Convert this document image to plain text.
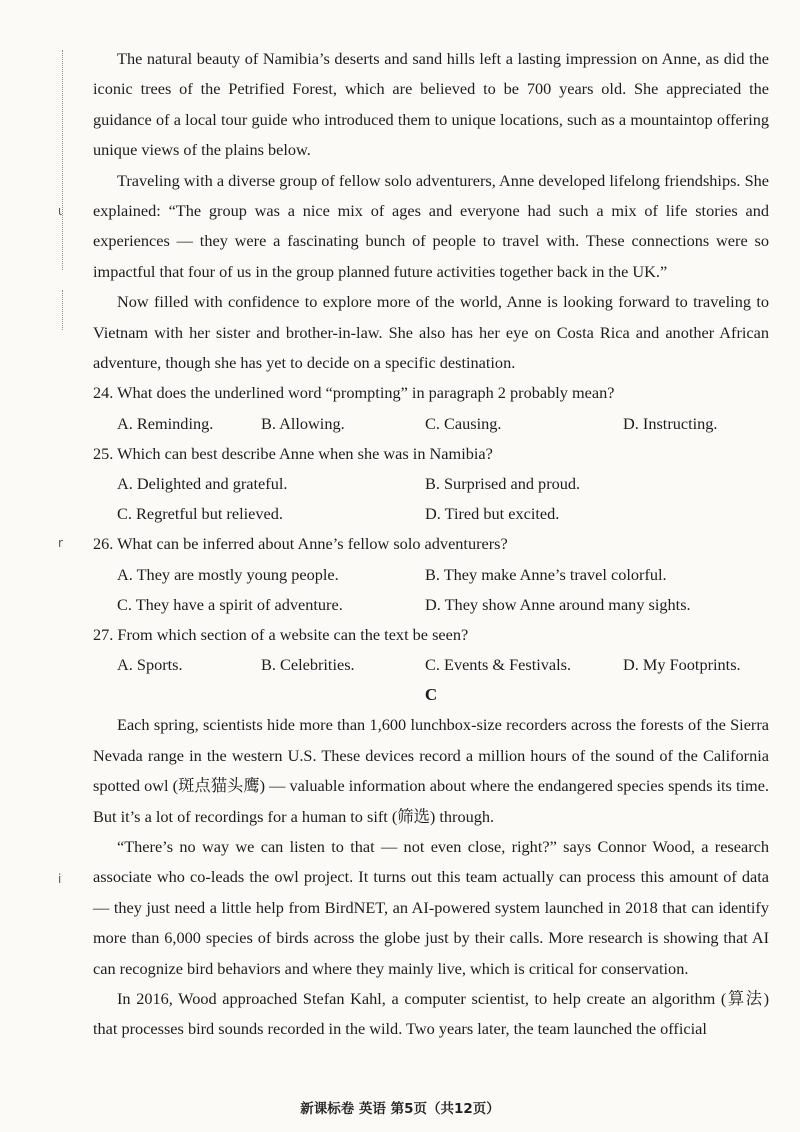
ι
r
i

The natural beauty of Namibia’s deserts and sand hills left a lasting impression on Anne, as did the iconic trees of the Petrified Forest, which are believed to be 700 years old. She appreciated the guidance of a local tour guide who introduced them to unique locations, such as a mountaintop offering unique views of the plains below.

Traveling with a diverse group of fellow solo adventurers, Anne developed lifelong friendships. She explained: “The group was a nice mix of ages and everyone had such a mix of life stories and experiences — they were a fascinating bunch of people to travel with. These connections were so impactful that four of us in the group planned future activities together back in the UK.”

Now filled with confidence to explore more of the world, Anne is looking forward to traveling to Vietnam with her sister and brother-in-law. She also has her eye on Costa Rica and another African adventure, though she has yet to decide on a specific destination.

24. What does the underlined word “prompting” in paragraph 2 probably mean?

A. Reminding.	B. Allowing.	C. Causing.	D. Instructing.

25. Which can best describe Anne when she was in Namibia?

A. Delighted and grateful.	B. Surprised and proud.
C. Regretful but relieved.	D. Tired but excited.

26. What can be inferred about Anne’s fellow solo adventurers?

A. They are mostly young people.	B. They make Anne’s travel colorful.
C. They have a spirit of adventure.	D. They show Anne around many sights.

27. From which section of a website can the text be seen?

A. Sports.	B. Celebrities.	C. Events & Festivals.	D. My Footprints.

C

Each spring, scientists hide more than 1,600 lunchbox-size recorders across the forests of the Sierra Nevada range in the western U.S. These devices record a million hours of the sound of the California spotted owl (斑点猫头鹰) — valuable information about where the endangered species spends its time. But it’s a lot of recordings for a human to sift (筛选) through.

“There’s no way we can listen to that — not even close, right?” says Connor Wood, a research associate who co-leads the owl project. It turns out this team actually can process this amount of data — they just need a little help from BirdNET, an AI-powered system launched in 2018 that can identify more than 6,000 species of birds across the globe just by their calls. More research is showing that AI can recognize bird behaviors and where they mainly live, which is critical for conservation.

In 2016, Wood approached Stefan Kahl, a computer scientist, to help create an algorithm (算法) that processes bird sounds recorded in the wild. Two years later, the team launched the official

新课标卷 英语 第5页（共12页）
